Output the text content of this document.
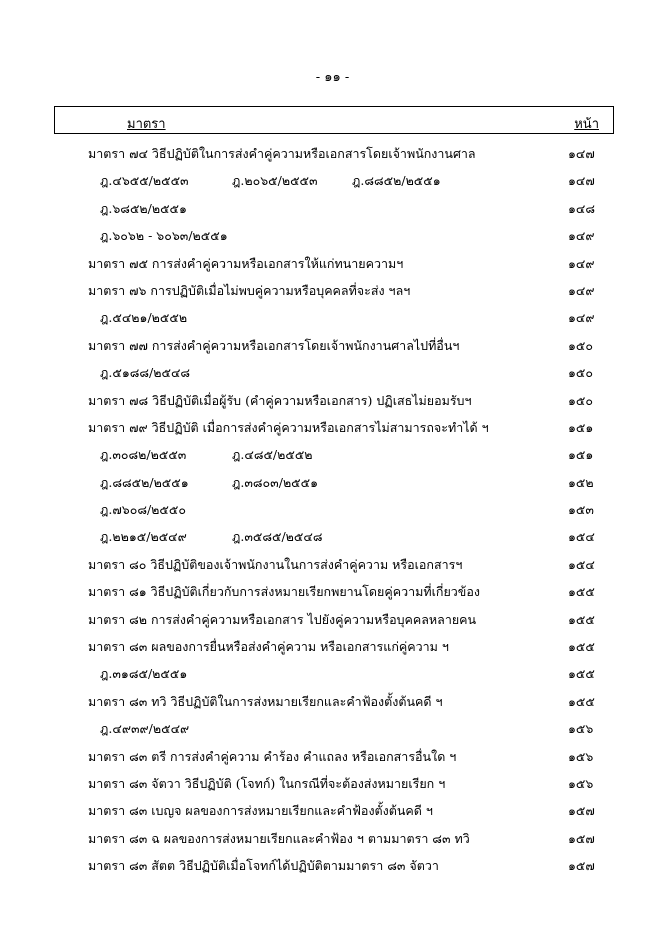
- ๑๑ -
มาตรา	หน้า
มาตรา ๗๔ วิธีปฏิบัติในการส่งคำคู่ความหรือเอกสารโดยเจ้าพนักงานศาล	๑๔๗
ฎ.๔๖๕๕/๒๕๕๓	ฎ.๒๐๖๕/๒๕๕๓	ฎ.๘๘๕๒/๒๕๕๑	๑๔๗
ฎ.๖๘๕๒/๒๕๕๑	๑๔๘
ฎ.๖๐๖๒ - ๖๐๖๓/๒๕๕๑	๑๔๙
มาตรา ๗๕ การส่งคำคู่ความหรือเอกสารให้แก่ทนายความฯ	๑๔๙
มาตรา ๗๖ การปฏิบัติเมื่อไม่พบคู่ความหรือบุคคลที่จะส่ง ฯลฯ	๑๔๙
ฎ.๕๔๒๑/๒๕๕๒	๑๔๙
มาตรา ๗๗ การส่งคำคู่ความหรือเอกสารโดยเจ้าพนักงานศาลไปที่อื่นฯ	๑๕๐
ฎ.๕๑๘๘/๒๕๔๘	๑๕๐
มาตรา ๗๘ วิธีปฏิบัติเมื่อผู้รับ (คำคู่ความหรือเอกสาร) ปฏิเสธไม่ยอมรับฯ	๑๕๐
มาตรา ๗๙ วิธีปฏิบัติ เมื่อการส่งคำคู่ความหรือเอกสารไม่สามารถจะทำได้ ฯ	๑๕๑
ฎ.๓๐๘๒/๒๕๕๓	ฎ.๔๘๕/๒๕๕๒	๑๕๑
ฎ.๘๘๕๒/๒๕๕๑	ฎ.๓๘๐๓/๒๕๕๑	๑๕๒
ฎ.๗๖๐๘/๒๕๕๐	๑๕๓
ฎ.๒๒๑๕/๒๕๔๙	ฎ.๓๕๘๕/๒๕๔๘	๑๕๔
มาตรา ๘๐ วิธีปฏิบัติของเจ้าพนักงานในการส่งคำคู่ความ หรือเอกสารฯ	๑๕๔
มาตรา ๘๑ วิธีปฏิบัติเกี่ยวกับการส่งหมายเรียกพยานโดยคู่ความที่เกี่ยวข้อง	๑๕๕
มาตรา ๘๒ การส่งคำคู่ความหรือเอกสาร ไปยังคู่ความหรือบุคคลหลายคน	๑๕๕
มาตรา ๘๓ ผลของการยื่นหรือส่งคำคู่ความ หรือเอกสารแก่คู่ความ ฯ	๑๕๕
ฎ.๓๑๘๕/๒๕๕๑	๑๕๕
มาตรา ๘๓ ทวิ วิธีปฏิบัติในการส่งหมายเรียกและคำฟ้องตั้งต้นคดี ฯ	๑๕๕
ฎ.๔๙๓๙/๒๕๔๙	๑๕๖
มาตรา ๘๓ ตรี การส่งคำคู่ความ คำร้อง คำแถลง หรือเอกสารอื่นใด ฯ	๑๕๖
มาตรา ๘๓ จัตวา วิธีปฏิบัติ (โจทก์) ในกรณีที่จะต้องส่งหมายเรียก ฯ	๑๕๖
มาตรา ๘๓ เบญจ ผลของการส่งหมายเรียกและคำฟ้องตั้งต้นคดี ฯ	๑๕๗
มาตรา ๘๓ ฉ ผลของการส่งหมายเรียกและคำฟ้อง ฯ ตามมาตรา ๘๓ ทวิ	๑๕๗
มาตรา ๘๓ สัตต วิธีปฏิบัติเมื่อโจทก์ได้ปฏิบัติตามมาตรา ๘๓ จัตวา	๑๕๗
